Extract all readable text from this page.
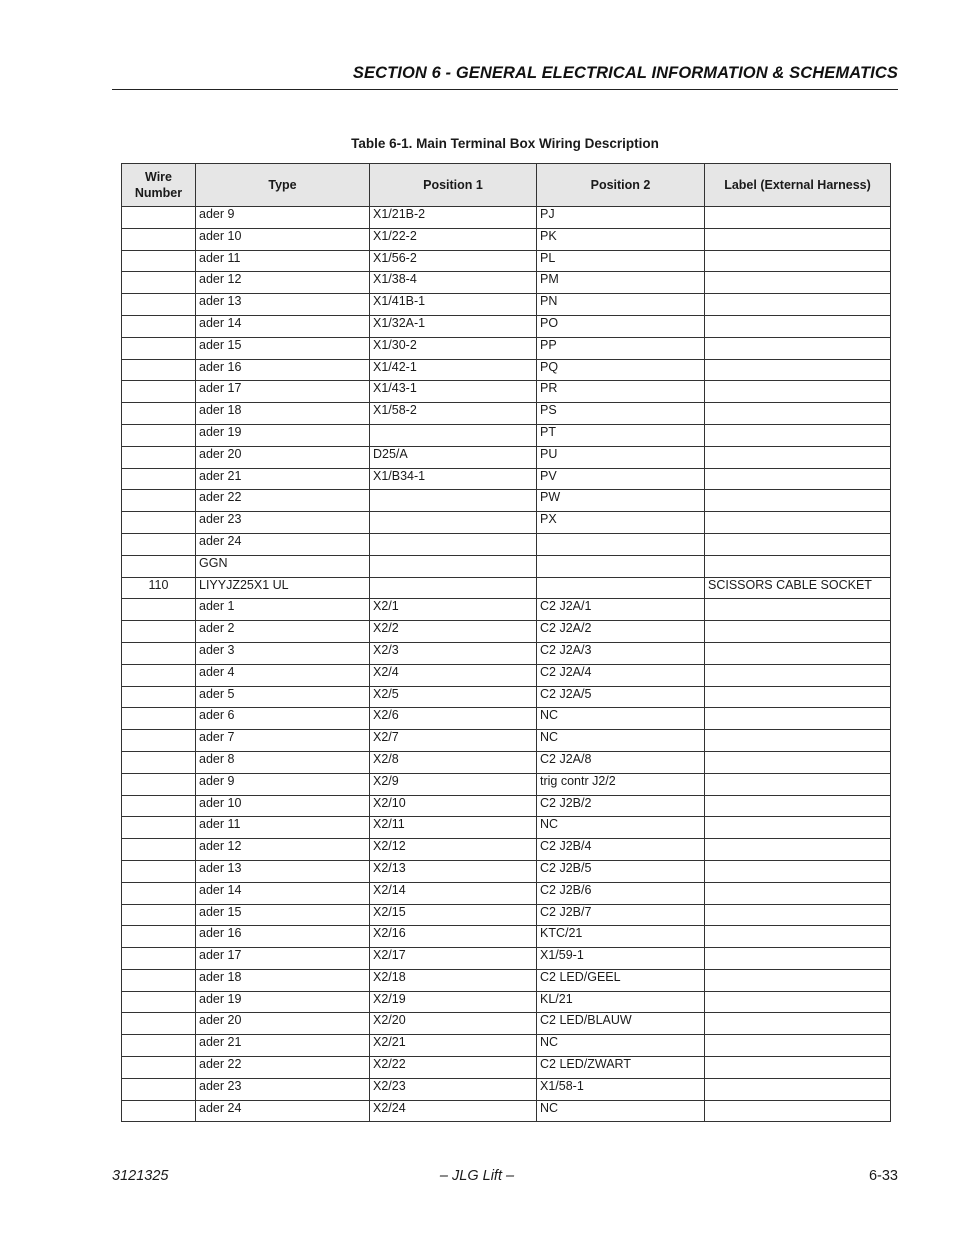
SECTION 6 - GENERAL ELECTRICAL INFORMATION & SCHEMATICS
Table 6-1. Main Terminal Box Wiring Description
Wire
Number	Type	Position 1	Position 2	Label (External Harness)
	ader 9	X1/21B-2	PJ	
	ader 10	X1/22-2	PK	
	ader 11	X1/56-2	PL	
	ader 12	X1/38-4	PM	
	ader 13	X1/41B-1	PN	
	ader 14	X1/32A-1	PO	
	ader 15	X1/30-2	PP	
	ader 16	X1/42-1	PQ	
	ader 17	X1/43-1	PR	
	ader 18	X1/58-2	PS	
	ader 19		PT	
	ader 20	D25/A	PU	
	ader 21	X1/B34-1	PV	
	ader 22		PW	
	ader 23		PX	
	ader 24			
	GGN			
110	LIYYJZ25X1 UL			SCISSORS CABLE SOCKET
	ader 1	X2/1	C2 J2A/1	
	ader 2	X2/2	C2 J2A/2	
	ader 3	X2/3	C2 J2A/3	
	ader 4	X2/4	C2 J2A/4	
	ader 5	X2/5	C2 J2A/5	
	ader 6	X2/6	NC	
	ader 7	X2/7	NC	
	ader 8	X2/8	C2 J2A/8	
	ader 9	X2/9	trig contr J2/2	
	ader 10	X2/10	C2 J2B/2	
	ader 11	X2/11	NC	
	ader 12	X2/12	C2 J2B/4	
	ader 13	X2/13	C2 J2B/5	
	ader 14	X2/14	C2 J2B/6	
	ader 15	X2/15	C2 J2B/7	
	ader 16	X2/16	KTC/21	
	ader 17	X2/17	X1/59-1	
	ader 18	X2/18	C2 LED/GEEL	
	ader 19	X2/19	KL/21	
	ader 20	X2/20	C2 LED/BLAUW	
	ader 21	X2/21	NC	
	ader 22	X2/22	C2 LED/ZWART	
	ader 23	X2/23	X1/58-1	
	ader 24	X2/24	NC	
3121325	– JLG Lift –	6-33
